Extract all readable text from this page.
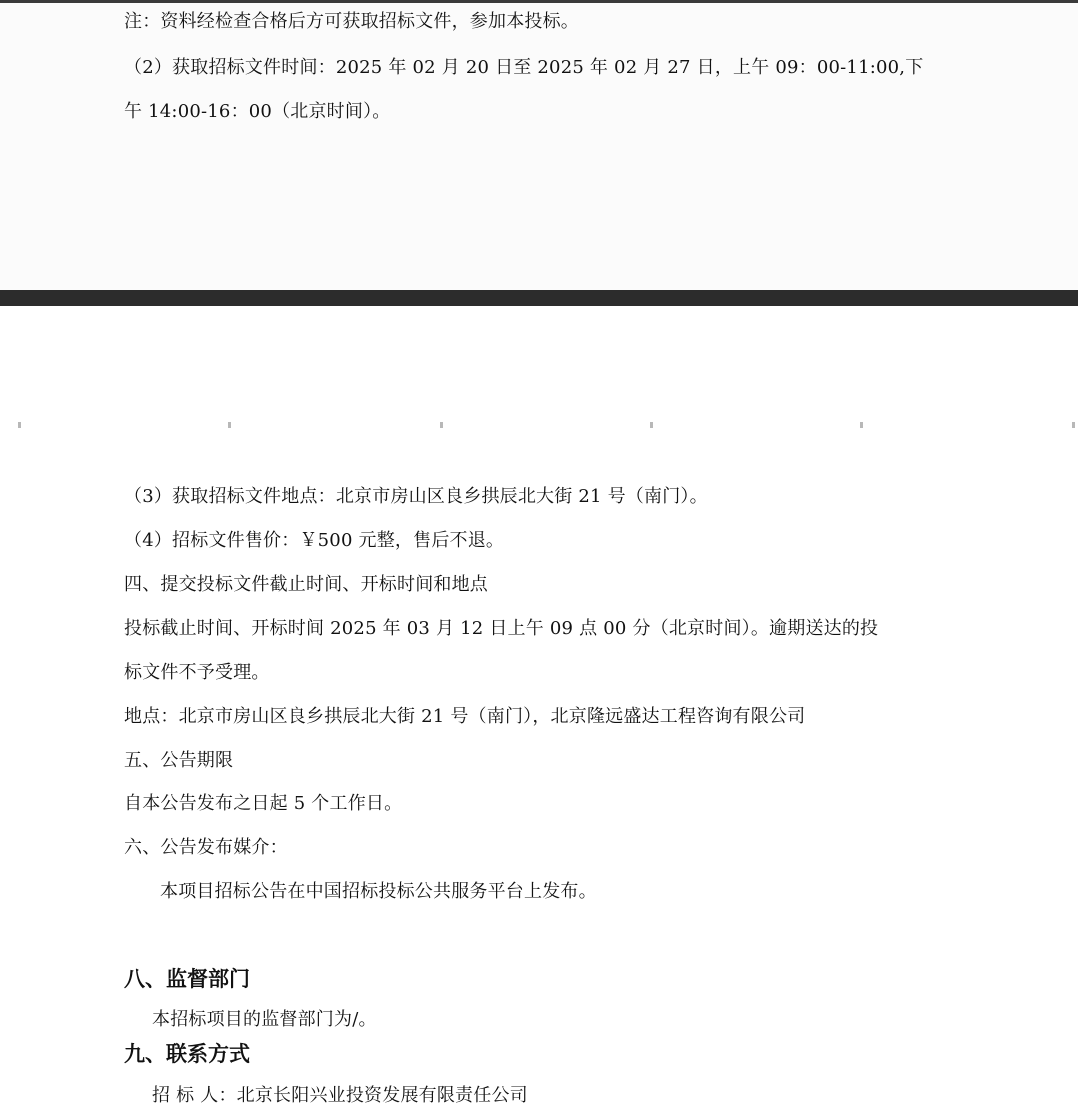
注：资料经检查合格后方可获取招标文件，参加本投标。
（2）获取招标文件时间：2025 年 02 月 20 日至 2025 年 02 月 27 日，上午 09：00-11:00,下
午 14:00-16：00（北京时间）。
（3）获取招标文件地点：北京市房山区良乡拱辰北大街 21 号（南门）。
（4）招标文件售价：￥500 元整，售后不退。
四、提交投标文件截止时间、开标时间和地点
投标截止时间、开标时间 2025 年 03 月 12 日上午 09 点 00 分（北京时间）。逾期送达的投
标文件不予受理。
地点：北京市房山区良乡拱辰北大街 21 号（南门），北京隆远盛达工程咨询有限公司
五、公告期限
自本公告发布之日起 5 个工作日。
六、公告发布媒介：
本项目招标公告在中国招标投标公共服务平台上发布。
八、监督部门
本招标项目的监督部门为/。
九、联系方式
招 标 人：北京长阳兴业投资发展有限责任公司
